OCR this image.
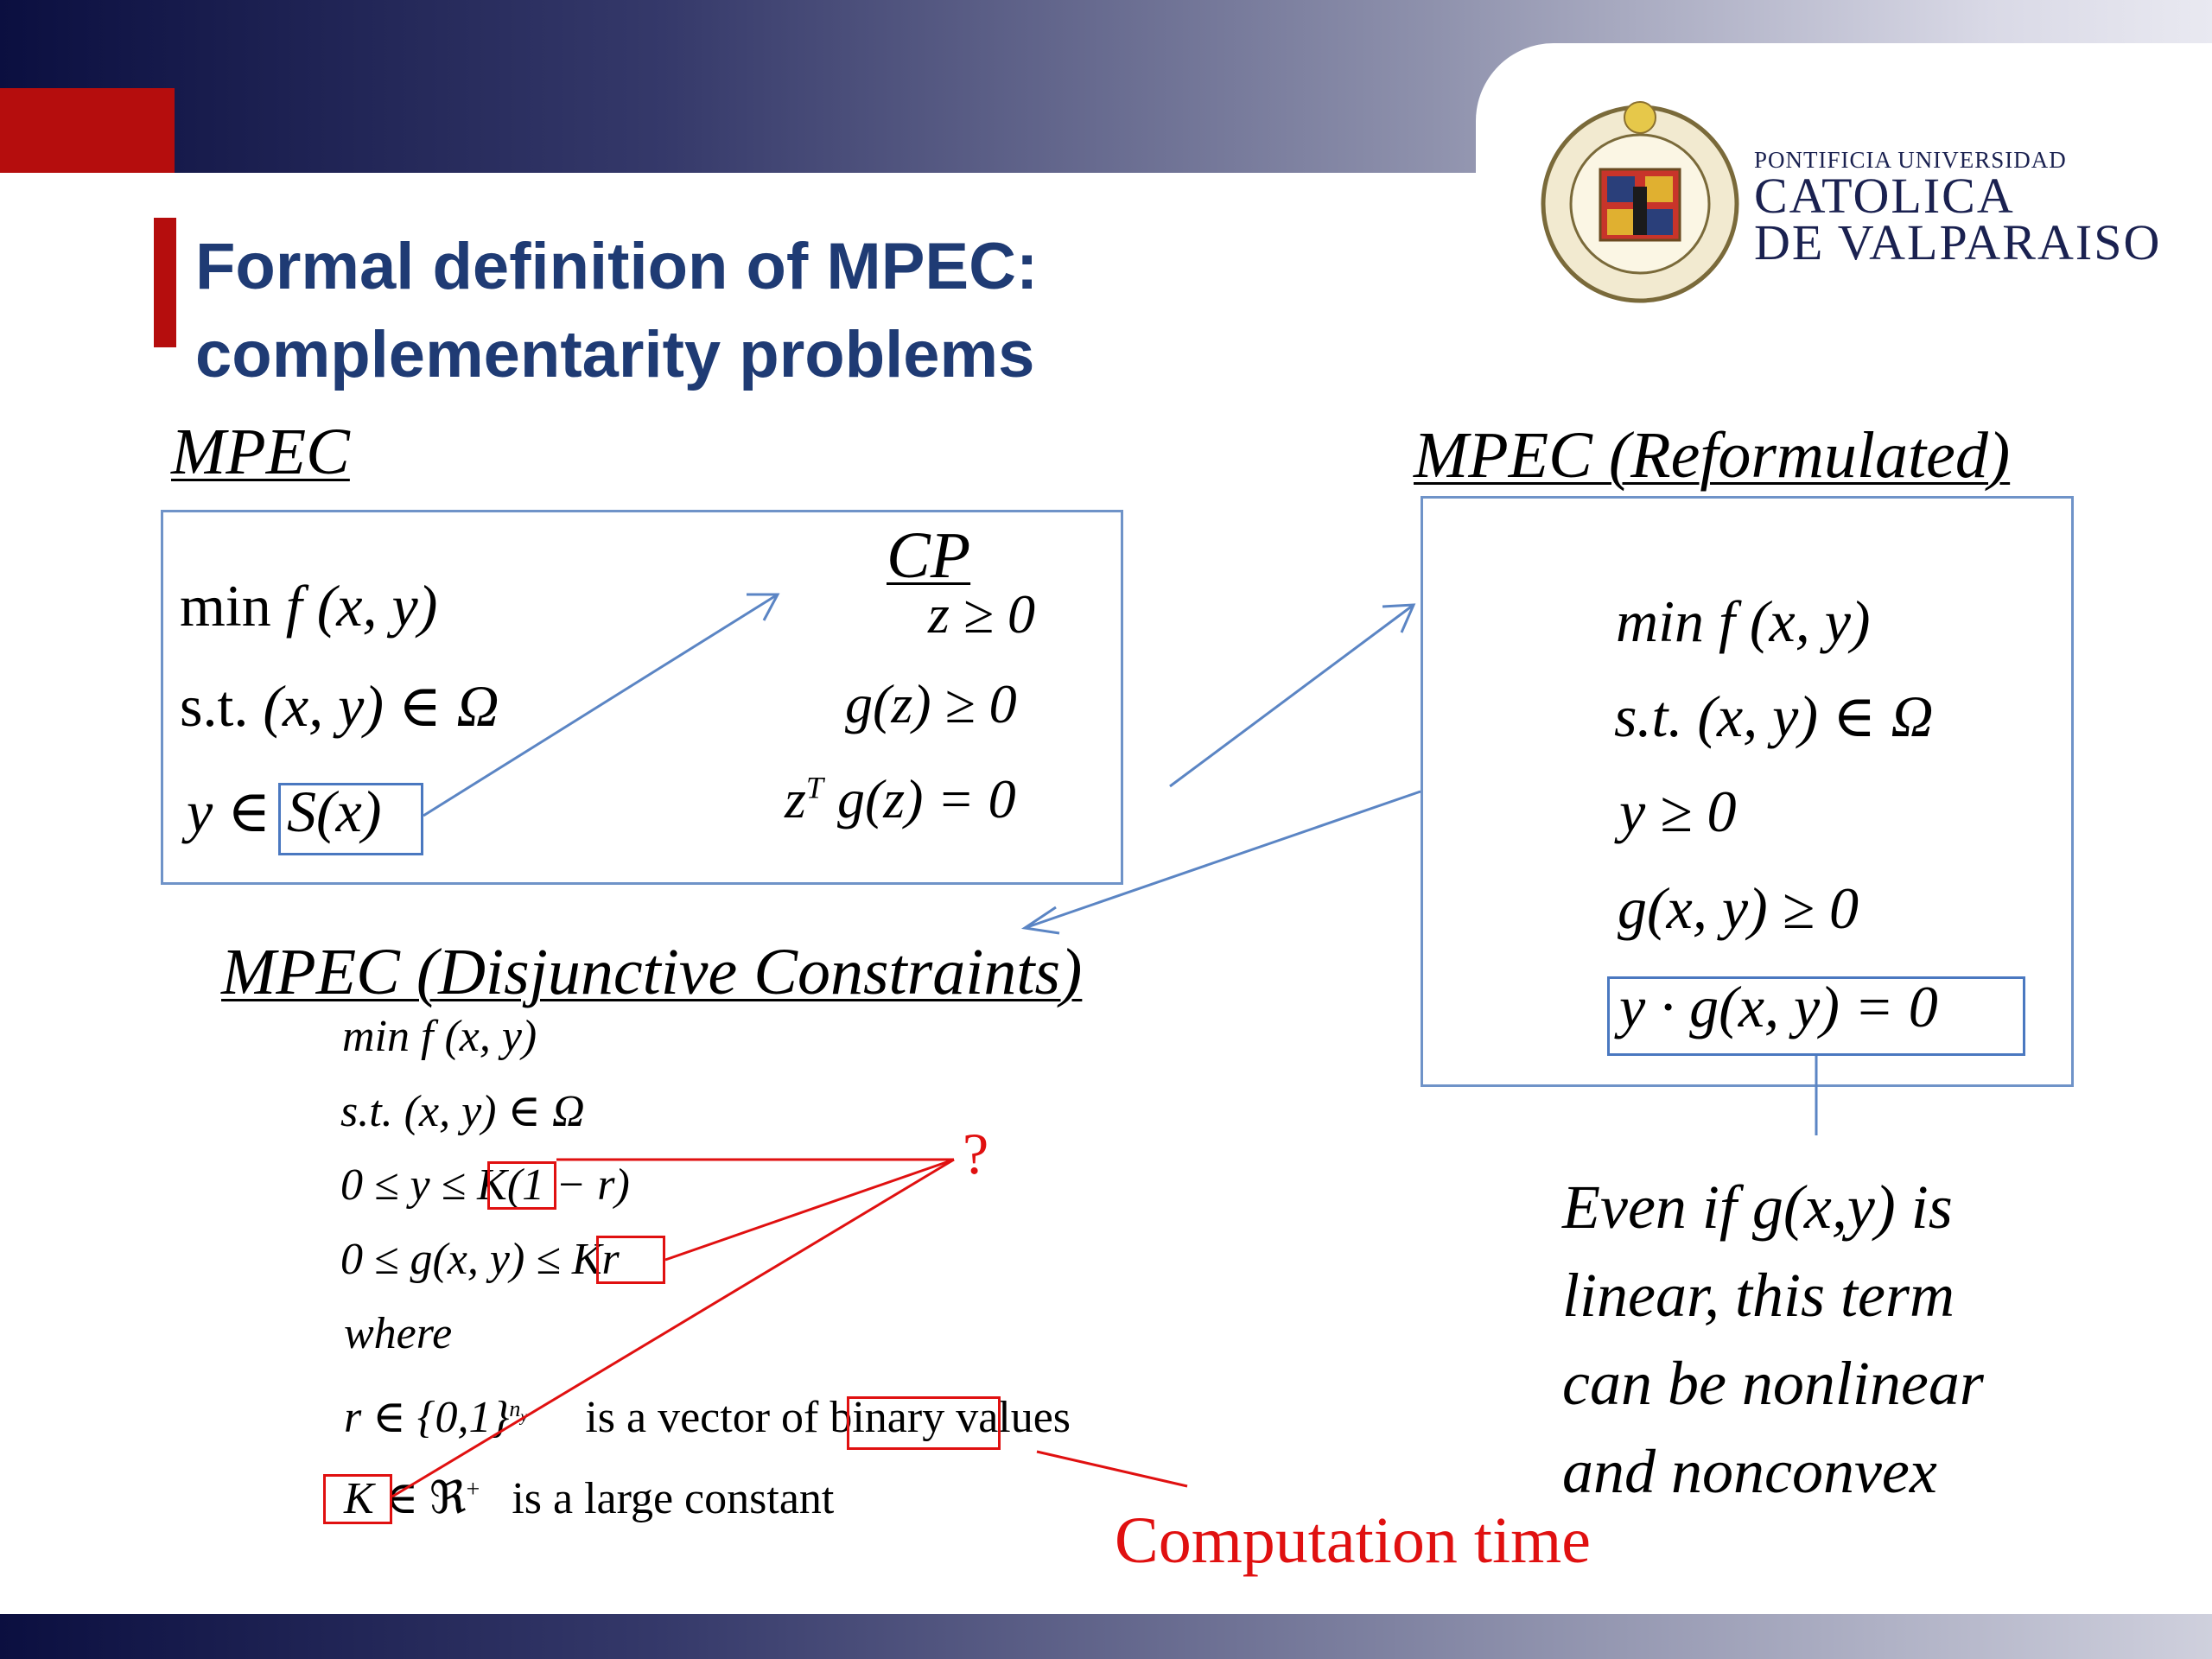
PONTIFICIA UNIVERSIDAD
CATOLICA
DE VALPARAISO
Formal definition of MPEC:
complementarity problems
MPEC
min f (x, y)
s.t. (x, y) ∈ Ω
y ∈ S(x)
CP
z ≥ 0
g(z) ≥ 0
$z^T$ g(z) = 0
MPEC (Reformulated)
min f (x, y)
s.t. (x, y) ∈ Ω
y ≥ 0
g(x, y) ≥ 0
y · g(x, y) = 0
MPEC (Disjunctive Constraints)
min f (x, y)
s.t. (x, y) ∈ Ω
0 ≤ y ≤ K(1 − r)
0 ≤ g(x, y) ≤ Kr
where
r ∈ $\{0,1\}^{n_y}$ is a vector of binary values
K ∈ ℜ+ is a large constant
?
Computation time
Even if g(x,y) is
linear, this term
can be nonlinear
and nonconvex
